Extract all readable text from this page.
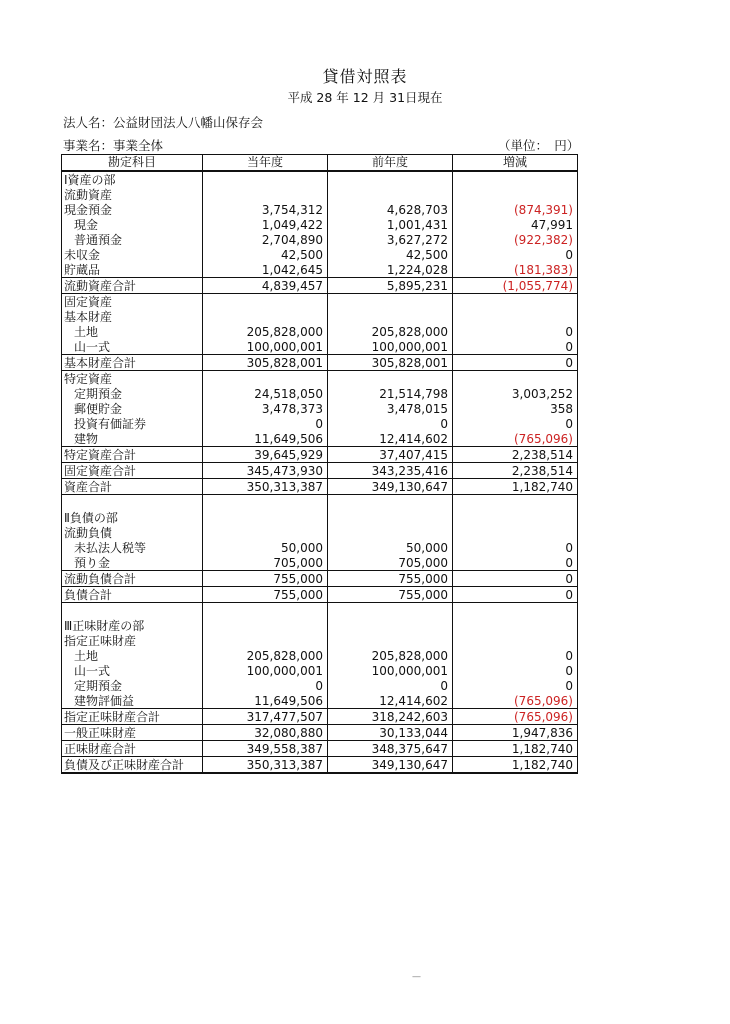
貸借対照表
平成 28 年 12 月 31日現在
法人名：公益財団法人八幡山保存会
事業名：事業全体	（単位：　円）
勘定科目	当年度	前年度	増減
Ⅰ資産の部			
流動資産			
現金預金	3,754,312	4,628,703	(874,391)
現金	1,049,422	1,001,431	47,991
普通預金	2,704,890	3,627,272	(922,382)
未収金	42,500	42,500	0
貯蔵品	1,042,645	1,224,028	(181,383)
流動資産合計	4,839,457	5,895,231	(1,055,774)
固定資産			
基本財産			
土地	205,828,000	205,828,000	0
山一式	100,000,001	100,000,001	0
基本財産合計	305,828,001	305,828,001	0
特定資産			
定期預金	24,518,050	21,514,798	3,003,252
郵便貯金	3,478,373	3,478,015	358
投資有価証券	0	0	0
建物	11,649,506	12,414,602	(765,096)
特定資産合計	39,645,929	37,407,415	2,238,514
固定資産合計	345,473,930	343,235,416	2,238,514
資産合計	350,313,387	349,130,647	1,182,740

Ⅱ負債の部			
流動負債			
未払法人税等	50,000	50,000	0
預り金	705,000	705,000	0
流動負債合計	755,000	755,000	0
負債合計	755,000	755,000	0

Ⅲ正味財産の部			
指定正味財産			
土地	205,828,000	205,828,000	0
山一式	100,000,001	100,000,001	0
定期預金	0	0	0
建物評価益	11,649,506	12,414,602	(765,096)
指定正味財産合計	317,477,507	318,242,603	(765,096)
一般正味財産	32,080,880	30,133,044	1,947,836
正味財産合計	349,558,387	348,375,647	1,182,740
負債及び正味財産合計	350,313,387	349,130,647	1,182,740
—
